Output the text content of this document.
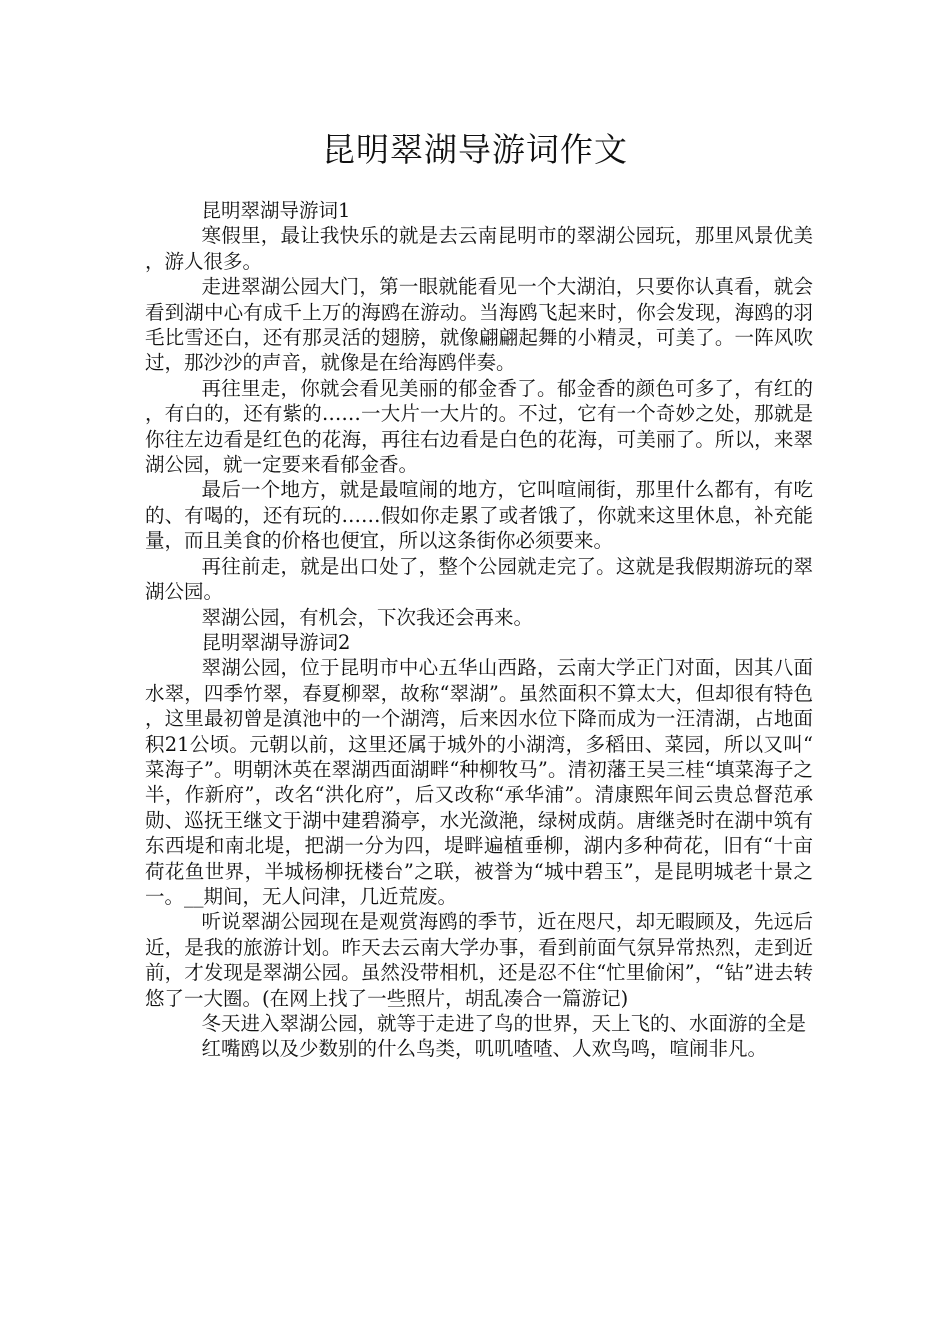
昆明翠湖导游词作文

昆明翠湖导游词1

寒假里，最让我快乐的就是去云南昆明市的翠湖公园玩，那里风景优美，游人很多。

走进翠湖公园大门，第一眼就能看见一个大湖泊，只要你认真看，就会看到湖中心有成千上万的海鸥在游动。当海鸥飞起来时，你会发现，海鸥的羽毛比雪还白，还有那灵活的翅膀，就像翩翩起舞的小精灵，可美了。一阵风吹过，那沙沙的声音，就像是在给海鸥伴奏。

再往里走，你就会看见美丽的郁金香了。郁金香的颜色可多了，有红的，有白的，还有紫的……一大片一大片的。不过，它有一个奇妙之处，那就是你往左边看是红色的花海，再往右边看是白色的花海，可美丽了。所以，来翠湖公园，就一定要来看郁金香。

最后一个地方，就是最喧闹的地方，它叫喧闹街，那里什么都有，有吃的、有喝的，还有玩的……假如你走累了或者饿了，你就来这里休息，补充能量，而且美食的价格也便宜，所以这条街你必须要来。

再往前走，就是出口处了，整个公园就走完了。这就是我假期游玩的翠湖公园。

翠湖公园，有机会，下次我还会再来。

昆明翠湖导游词2

翠湖公园，位于昆明市中心五华山西路，云南大学正门对面，因其八面水翠，四季竹翠，春夏柳翠，故称“翠湖”。虽然面积不算太大，但却很有特色，这里最初曾是滇池中的一个湖湾，后来因水位下降而成为一汪清湖，占地面积21公顷。元朝以前，这里还属于城外的小湖湾，多稻田、菜园，所以又叫“菜海子”。明朝沐英在翠湖西面湖畔“种柳牧马”。清初藩王吴三桂“填菜海子之半，作新府”，改名“洪化府”，后又改称“承华浦”。清康熙年间云贵总督范承勋、巡抚王继文于湖中建碧漪亭，水光潋滟，绿树成荫。唐继尧时在湖中筑有东西堤和南北堤，把湖一分为四，堤畔遍植垂柳，湖内多种荷花，旧有“十亩荷花鱼世界，半城杨柳抚楼台”之联，被誉为“城中碧玉”，是昆明城老十景之一。__期间，无人问津，几近荒废。

听说翠湖公园现在是观赏海鸥的季节，近在咫尺，却无暇顾及，先远后近，是我的旅游计划。昨天去云南大学办事，看到前面气氛异常热烈，走到近前，才发现是翠湖公园。虽然没带相机，还是忍不住“忙里偷闲”，“钻”进去转悠了一大圈。(在网上找了一些照片，胡乱凑合一篇游记)

冬天进入翠湖公园，就等于走进了鸟的世界，天上飞的、水面游的全是

红嘴鸥以及少数别的什么鸟类，叽叽喳喳、人欢鸟鸣，喧闹非凡。
